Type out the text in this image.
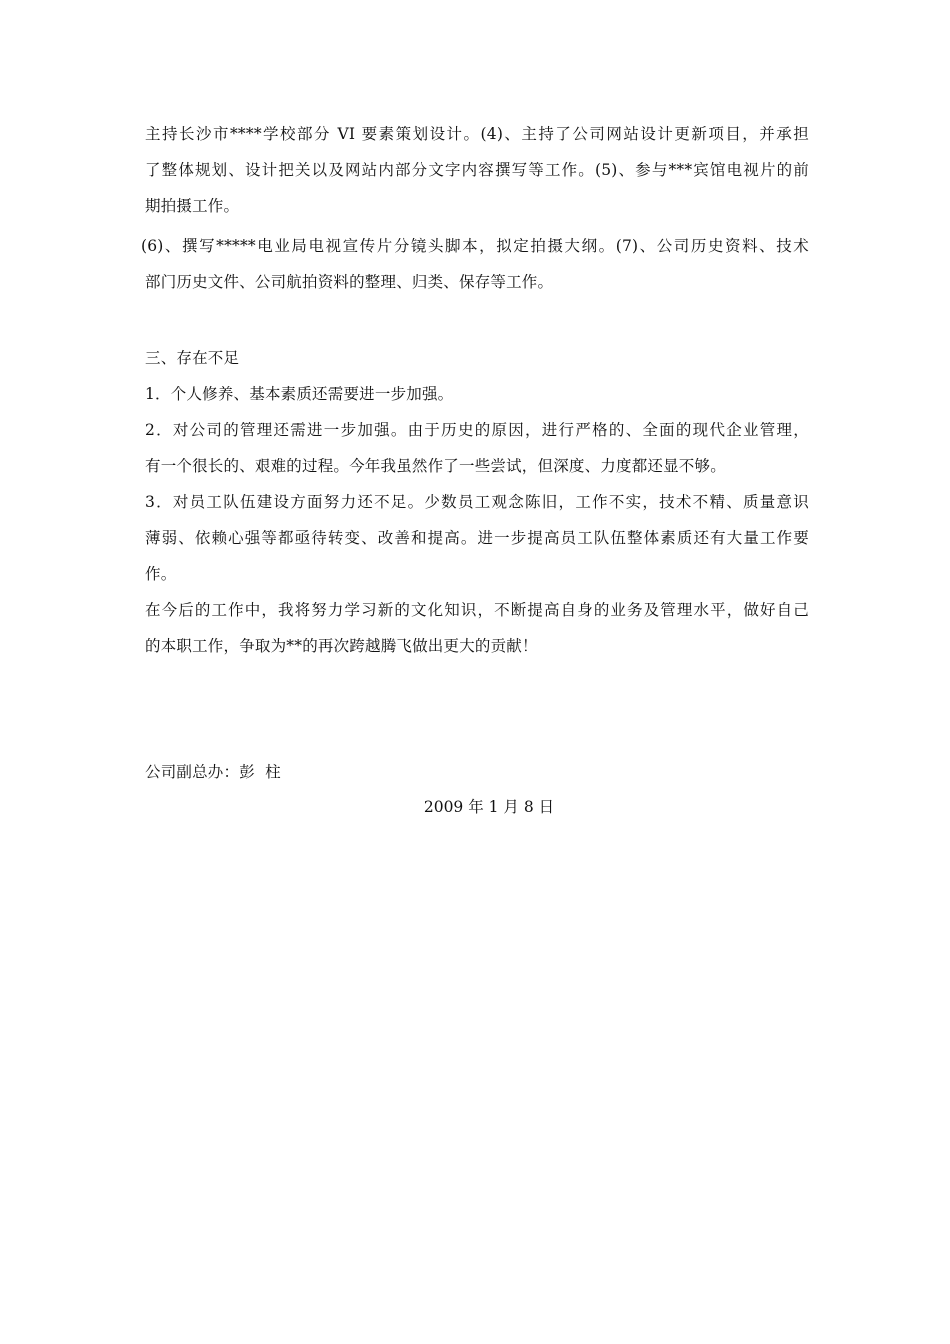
主持长沙市****学校部分 VI 要素策划设计。(4)、主持了公司网站设计更新项目，并承担
了整体规划、设计把关以及网站内部分文字内容撰写等工作。(5)、参与***宾馆电视片的前
期拍摄工作。
(6)、撰写*****电业局电视宣传片分镜头脚本，拟定拍摄大纲。(7)、公司历史资料、技术
部门历史文件、公司航拍资料的整理、归类、保存等工作。
三、存在不足
1．个人修养、基本素质还需要进一步加强。
2．对公司的管理还需进一步加强。由于历史的原因，进行严格的、全面的现代企业管理，
有一个很长的、艰难的过程。今年我虽然作了一些尝试，但深度、力度都还显不够。
3．对员工队伍建设方面努力还不足。少数员工观念陈旧，工作不实，技术不精、质量意识
薄弱、依赖心强等都亟待转变、改善和提高。进一步提高员工队伍整体素质还有大量工作要
作。
在今后的工作中，我将努力学习新的文化知识，不断提高自身的业务及管理水平，做好自己
的本职工作，争取为**的再次跨越腾飞做出更大的贡献！
公司副总办：彭  柱
2009 年 1 月 8 日
